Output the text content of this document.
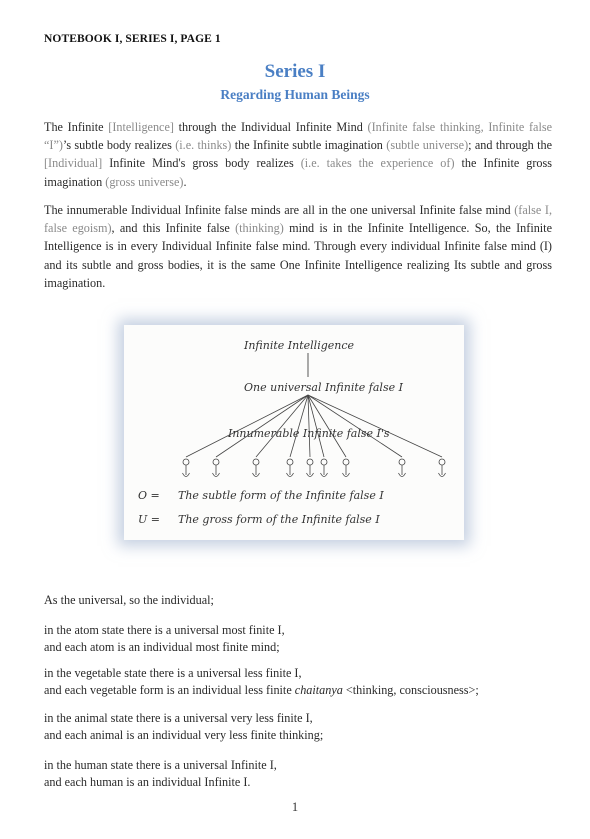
NOTEBOOK I, SERIES I, PAGE 1
Series I
Regarding Human Beings
The Infinite [Intelligence] through the Individual Infinite Mind (Infinite false thinking, Infinite false “I”)’s subtle body realizes (i.e. thinks) the Infinite subtle imagination (subtle universe); and through the [Individual] Infinite Mind's gross body realizes (i.e. takes the experience of) the Infinite gross imagination (gross universe).
The innumerable Individual Infinite false minds are all in the one universal Infinite false mind (false I, false egoism), and this Infinite false (thinking) mind is in the Infinite Intelligence. So, the Infinite Intelligence is in every Individual Infinite false mind. Through every individual Infinite false mind (I) and its subtle and gross bodies, it is the same One Infinite Intelligence realizing Its subtle and gross imagination.
Infinite Intelligence
One universal Infinite false I
Innumerable Infinite false I's
O = The subtle form of the Infinite false I
U = The gross form of the Infinite false I
As the universal, so the individual;
in the atom state there is a universal most finite I,
and each atom is an individual most finite mind;
in the vegetable state there is a universal less finite I,
and each vegetable form is an individual less finite chaitanya <thinking, consciousness>;
in the animal state there is a universal very less finite I,
and each animal is an individual very less finite thinking;
in the human state there is a universal Infinite I,
and each human is an individual Infinite I.
1
